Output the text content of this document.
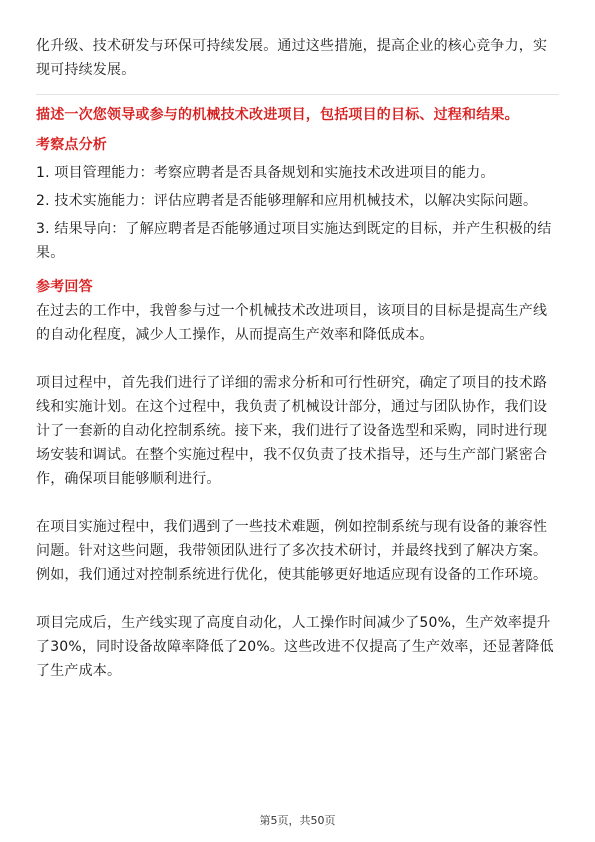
化升级、技术研发与环保可持续发展。通过这些措施，提高企业的核心竞争力，实现可持续发展。

描述一次您领导或参与的机械技术改进项目，包括项目的目标、过程和结果。

考察点分析

1. 项目管理能力：考察应聘者是否具备规划和实施技术改进项目的能力。

2. 技术实施能力：评估应聘者是否能够理解和应用机械技术，以解决实际问题。

3. 结果导向：了解应聘者是否能够通过项目实施达到既定的目标，并产生积极的结果。

参考回答

在过去的工作中，我曾参与过一个机械技术改进项目，该项目的目标是提高生产线的自动化程度，减少人工操作，从而提高生产效率和降低成本。

项目过程中，首先我们进行了详细的需求分析和可行性研究，确定了项目的技术路线和实施计划。在这个过程中，我负责了机械设计部分，通过与团队协作，我们设计了一套新的自动化控制系统。接下来，我们进行了设备选型和采购，同时进行现场安装和调试。在整个实施过程中，我不仅负责了技术指导，还与生产部门紧密合作，确保项目能够顺利进行。

在项目实施过程中，我们遇到了一些技术难题，例如控制系统与现有设备的兼容性问题。针对这些问题，我带领团队进行了多次技术研讨，并最终找到了解决方案。例如，我们通过对控制系统进行优化，使其能够更好地适应现有设备的工作环境。

项目完成后，生产线实现了高度自动化，人工操作时间减少了50%，生产效率提升了30%，同时设备故障率降低了20%。这些改进不仅提高了生产效率，还显著降低了生产成本。

第5页，共50页
